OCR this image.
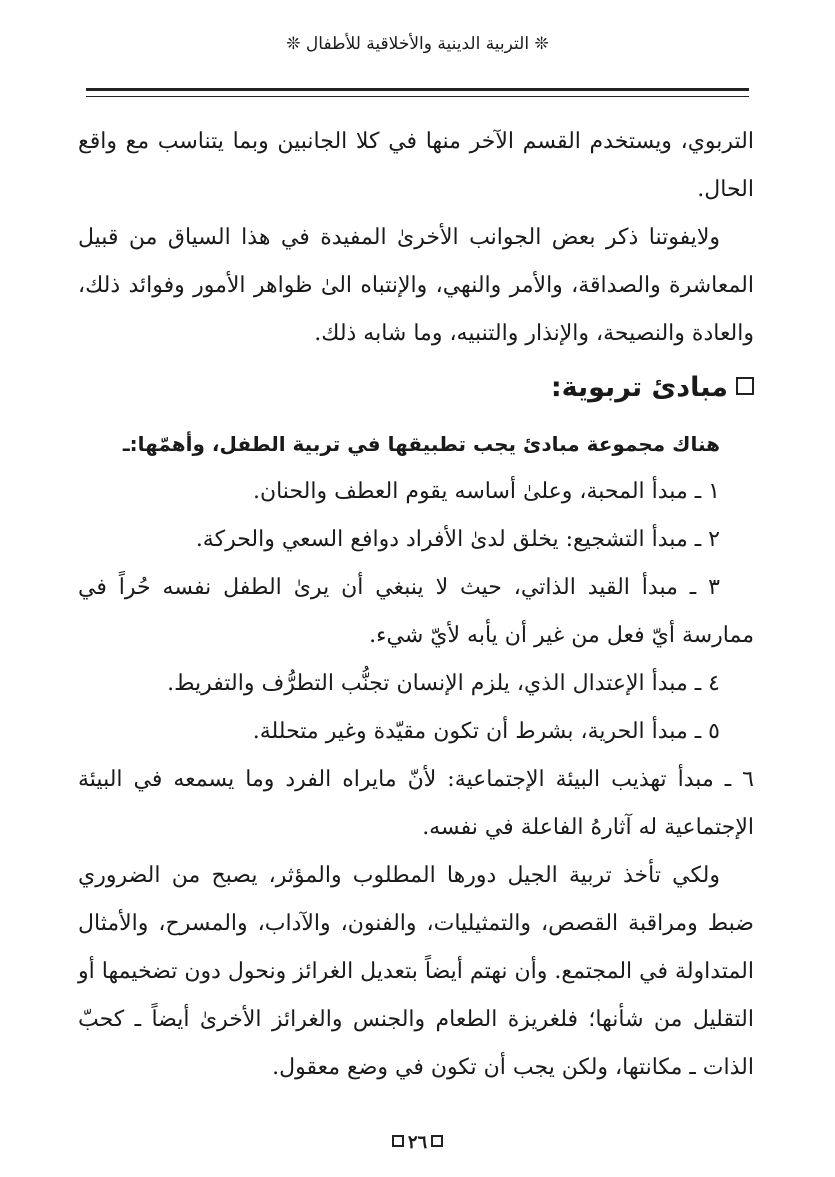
❊ التربية الدينية والأخلاقية للأطفال ❊

التربوي، ويستخدم القسم الآخر منها في كلا الجانبين وبما يتناسب مع واقع الحال.

ولايفوتنا ذكر بعض الجوانب الأخرىٰ المفيدة في هذا السياق من قبيل المعاشرة والصداقة، والأمر والنهي، والإنتباه الىٰ ظواهر الأمور وفوائد ذلك، والعادة والنصيحة، والإنذار والتنبيه، وما شابه ذلك.

مبادئ تربوية:

هناك مجموعة مبادئ يجب تطبيقها في تربية الطفل، وأهمّها:ـ

١ ـ مبدأ المحبة، وعلىٰ أساسه يقوم العطف والحنان.

٢ ـ مبدأ التشجيع: يخلق لدىٰ الأفراد دوافع السعي والحركة.

٣ ـ مبدأ القيد الذاتي، حيث لا ينبغي أن يرىٰ الطفل نفسه حُراً في ممارسة أيّ فعل من غير أن يأبه لأيّ شيء.

٤ ـ مبدأ الإعتدال الذي، يلزم الإنسان تجنُّب التطرُّف والتفريط.

٥ ـ مبدأ الحرية، بشرط أن تكون مقيّدة وغير متحللة.

٦ ـ مبدأ تهذيب البيئة الإجتماعية: لأنّ مايراه الفرد وما يسمعه في البيئة الإجتماعية له آثارهُ الفاعلة في نفسه.

ولكي تأخذ تربية الجيل دورها المطلوب والمؤثر، يصبح من الضروري ضبط ومراقبة القصص، والتمثيليات، والفنون، والآداب، والمسرح، والأمثال المتداولة في المجتمع. وأن نهتم أيضاً بتعديل الغرائز ونحول دون تضخيمها أو التقليل من شأنها؛ فلغريزة الطعام والجنس والغرائز الأخرىٰ أيضاً ـ كحبّ الذات ـ مكانتها، ولكن يجب أن تكون في وضع معقول.

٢٦
